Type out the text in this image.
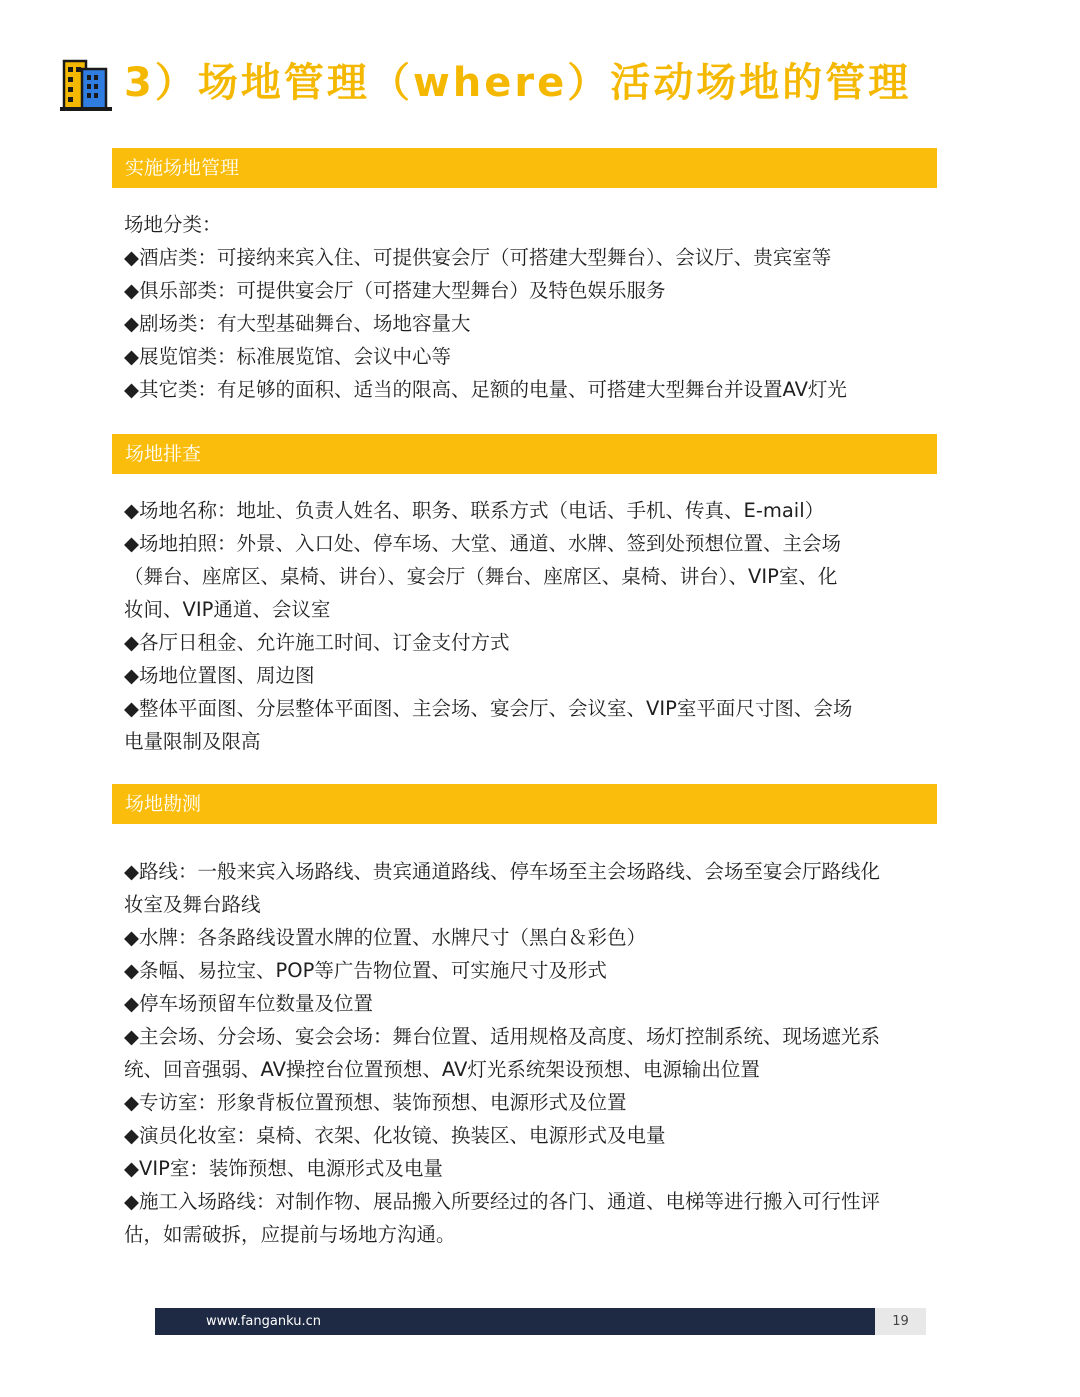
3）场地管理（where）活动场地的管理
实施场地管理
场地分类：
◆酒店类：可接纳来宾入住、可提供宴会厅（可搭建大型舞台）、会议厅、贵宾室等
◆俱乐部类：可提供宴会厅（可搭建大型舞台）及特色娱乐服务
◆剧场类：有大型基础舞台、场地容量大
◆展览馆类：标准展览馆、会议中心等
◆其它类：有足够的面积、适当的限高、足额的电量、可搭建大型舞台并设置AV灯光
场地排查
◆场地名称：地址、负责人姓名、职务、联系方式（电话、手机、传真、E-mail）
◆场地拍照：外景、入口处、停车场、大堂、通道、水牌、签到处预想位置、主会场
（舞台、座席区、桌椅、讲台）、宴会厅（舞台、座席区、桌椅、讲台）、VIP室、化
妆间、VIP通道、会议室
◆各厅日租金、允许施工时间、订金支付方式
◆场地位置图、周边图
◆整体平面图、分层整体平面图、主会场、宴会厅、会议室、VIP室平面尺寸图、会场
电量限制及限高
场地勘测
◆路线：一般来宾入场路线、贵宾通道路线、停车场至主会场路线、会场至宴会厅路线化
妆室及舞台路线
◆水牌：各条路线设置水牌的位置、水牌尺寸（黑白＆彩色）
◆条幅、易拉宝、POP等广告物位置、可实施尺寸及形式
◆停车场预留车位数量及位置
◆主会场、分会场、宴会会场：舞台位置、适用规格及高度、场灯控制系统、现场遮光系
统、回音强弱、AV操控台位置预想、AV灯光系统架设预想、电源输出位置
◆专访室：形象背板位置预想、装饰预想、电源形式及位置
◆演员化妆室：桌椅、衣架、化妆镜、换装区、电源形式及电量
◆VIP室：装饰预想、电源形式及电量
◆施工入场路线：对制作物、展品搬入所要经过的各门、通道、电梯等进行搬入可行性评
估，如需破拆，应提前与场地方沟通。
www.fanganku.cn	19
